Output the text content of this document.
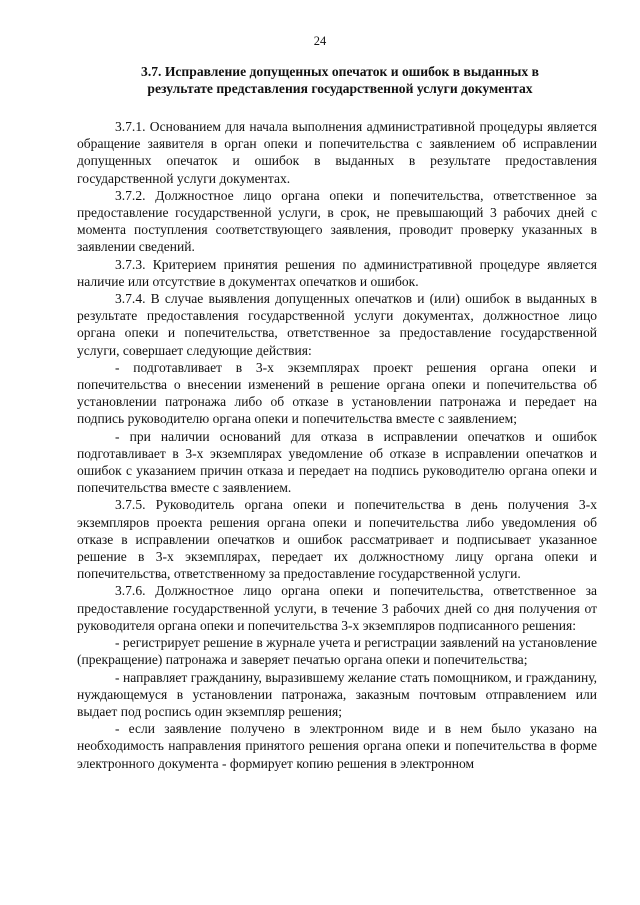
24
3.7. Исправление допущенных опечаток и ошибок в выданных в результате представления государственной услуги документах

3.7.1. Основанием для начала выполнения административной процедуры является обращение заявителя в орган опеки и попечительства с заявлением об исправлении допущенных опечаток и ошибок в выданных в результате предоставления государственной услуги документах.

3.7.2. Должностное лицо органа опеки и попечительства, ответственное за предоставление государственной услуги, в срок, не превышающий 3 рабочих дней с момента поступления соответствующего заявления, проводит проверку указанных в заявлении сведений.

3.7.3. Критерием принятия решения по административной процедуре является наличие или отсутствие в документах опечатков и ошибок.

3.7.4. В случае выявления допущенных опечатков и (или) ошибок в выданных в результате предоставления государственной услуги документах, должностное лицо органа опеки и попечительства, ответственное за предоставление государственной услуги, совершает следующие действия:

- подготавливает в 3-х экземплярах проект решения органа опеки и попечительства о внесении изменений в решение органа опеки и попечительства об установлении патронажа либо об отказе в установлении патронажа и передает на подпись руководителю органа опеки и попечительства вместе с заявлением;

- при наличии оснований для отказа в исправлении опечатков и ошибок подготавливает в 3-х экземплярах уведомление об отказе в исправлении опечатков и ошибок с указанием причин отказа и передает на подпись руководителю органа опеки и попечительства вместе с заявлением.

3.7.5. Руководитель органа опеки и попечительства в день получения 3-х экземпляров проекта решения органа опеки и попечительства либо уведомления об отказе в исправлении опечатков и ошибок рассматривает и подписывает указанное решение в 3-х экземплярах, передает их должностному лицу органа опеки и попечительства, ответственному за предоставление государственной услуги.

3.7.6. Должностное лицо органа опеки и попечительства, ответственное за предоставление государственной услуги, в течение 3 рабочих дней со дня получения от руководителя органа опеки и попечительства 3-х экземпляров подписанного решения:

- регистрирует решение в журнале учета и регистрации заявлений на установление (прекращение) патронажа и заверяет печатью органа опеки и попечительства;

- направляет гражданину, выразившему желание стать помощником, и гражданину, нуждающемуся в установлении патронажа, заказным почтовым отправлением или выдает под роспись один экземпляр решения;

- если заявление получено в электронном виде и в нем было указано на необходимость направления принятого решения органа опеки и попечительства в форме электронного документа - формирует копию решения в электронном
